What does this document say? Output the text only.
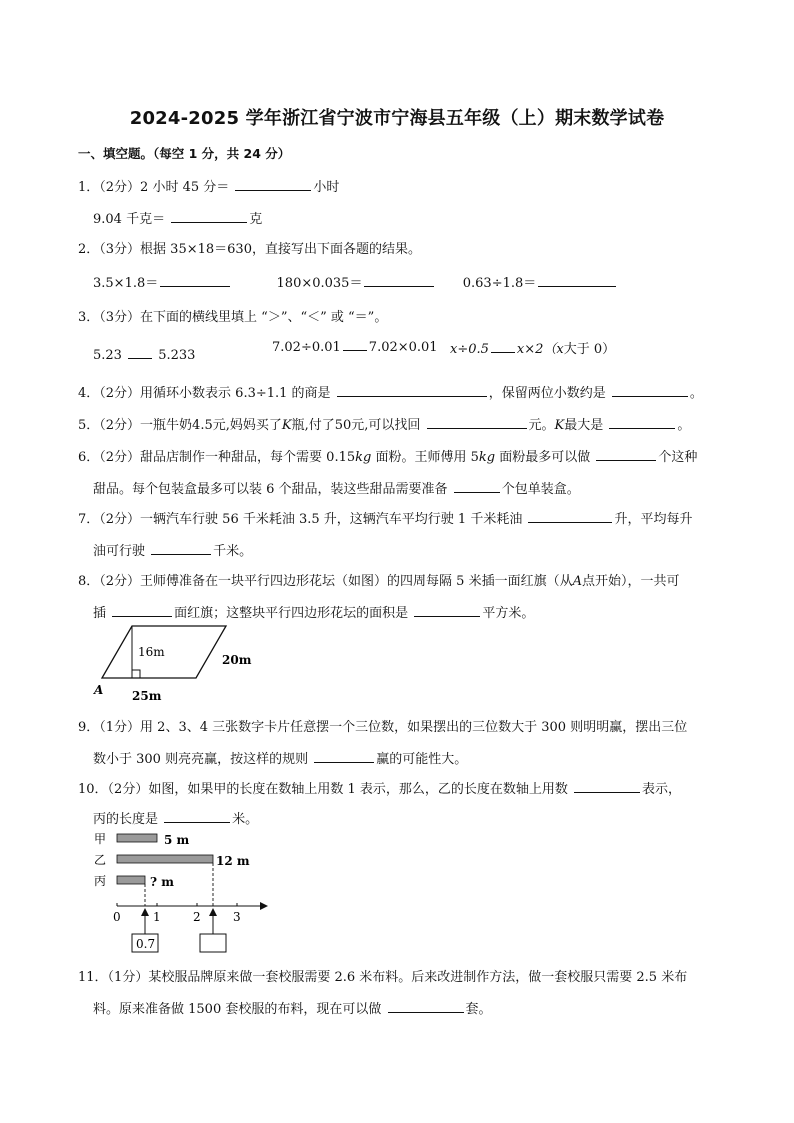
2024-2025 学年浙江省宁波市宁海县五年级（上）期末数学试卷
一、填空题。（每空 1 分，共 24 分）
1．（2分）2 小时 45 分＝	小时
9.04 千克＝	克
2．（3分）根据 35×18＝630，直接写出下面各题的结果。
3.5×1.8＝	180×0.035＝	0.63÷1.8＝
3．（3分）在下面的横线里填上 “＞”、“＜” 或 “＝”。
5.23	5.233
7.02÷0.01 7.02×0.01 x÷0.5 x×2（x大于 0）
4．（2分）用循环小数表示 6.3÷1.1 的商是	，保留两位小数约是	。
5．（2分）一瓶牛奶4.5元,妈妈买了K瓶,付了50元,可以找回	元。K最大是	。
6．（2分）甜品店制作一种甜品，每个需要 0.15kg 面粉。王师傅用 5kg 面粉最多可以做	个这种
甜品。每个包装盒最多可以装 6 个甜品，装这些甜品需要准备	个包单装盒。
7．（2分）一辆汽车行驶 56 千米耗油 3.5 升，这辆汽车平均行驶 1 千米耗油	升，平均每升
油可行驶	千米。
8．（2分）王师傅准备在一块平行四边形花坛（如图）的四周每隔 5 米插一面红旗（从A点开始），一共可
插	面红旗；这整块平行四边形花坛的面积是	平方米。
16m
20m
25m
A
9．（1分）用 2、3、4 三张数字卡片任意摆一个三位数，如果摆出的三位数大于 300 则明明赢，摆出三位
数小于 300 则亮亮赢，按这样的规则	赢的可能性大。
10．（2分）如图，如果甲的长度在数轴上用数 1 表示，那么，乙的长度在数轴上用数	表示，
丙的长度是	米。
甲	5 m
乙	12 m
丙	? m
0	1	2	3
0.7
11．（1分）某校服品牌原来做一套校服需要 2.6 米布料。后来改进制作方法，做一套校服只需要 2.5 米布
料。原来准备做 1500 套校服的布料，现在可以做	套。
